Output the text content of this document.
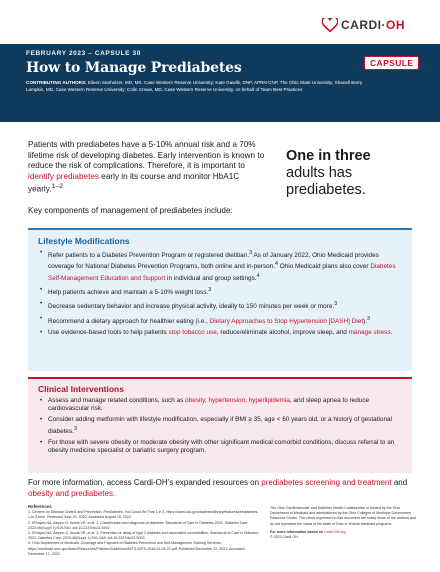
CARDI·OH
FEBRUARY 2023 – CAPSULE 30
How to Manage Prediabetes
CONTRIBUTING AUTHORS: Eileen Seeholzer, MD, MS, Case Western Reserve University; Kate Gawlik, DNP, APRN-CNP, The Ohio State University; Shanell Berry Lampkin, MD, Case Western Reserve University; Colin Crowe, MD, Case Western Reserve University, on behalf of Team Best Practices
CAPSULE

Patients with prediabetes have a 5-10% annual risk and a 70% lifetime risk of developing diabetes. Early intervention is known to reduce the risk of complications. Therefore, it is important to identify prediabetes early in its course and monitor HbA1C yearly.$^{1-2}$

One in three
adults has prediabetes.

Key components of management of prediabetes include:

Lifestyle Modifications
• Refer patients to a Diabetes Prevention Program or registered dietitian.$^3$ As of January 2022, Ohio Medicaid provides coverage for National Diabetes Prevention Programs, both online and in-person.$^4$ Ohio Medicaid plans also cover Diabetes Self-Management Education and Support in individual and group settings.$^4$
• Help patients achieve and maintain a 5-10% weight loss.$^3$
• Decrease sedentary behavior and increase physical activity, ideally to 150 minutes per week or more.$^3$
• Recommend a dietary approach for healthier eating (i.e., Dietary Approaches to Stop Hypertension [DASH] Diet).$^3$
• Use evidence-based tools to help patients stop tobacco use, reduce/eliminate alcohol, improve sleep, and manage stress.
Clinical Interventions
• Assess and manage related conditions, such as obesity, hypertension, hyperlipidemia, and sleep apnea to reduce cardiovascular risk.
• Consider adding metformin with lifestyle modification, especially if BMI ≥ 35, age < 60 years old, or a history of gestational diabetes.$^3$
• For those with severe obesity or moderate obesity with other significant medical comorbid conditions, discuss referral to an obesity medicine specialist or bariatric surgery program.

For more information, access Cardi-OH’s expanded resources on prediabetes screening and treatment and obesity and prediabetes.

References
1. Centers for Disease Control and Prevention. Prediabetes: You Could Be That 1 in 3. https://www.cdc.gov/diabetes/library/features/prediabetes-1-in-3.html. Reviewed June 29, 2022. Accessed August 16, 2022.
2. ElSayed NA, Aleppo G, Aroda VR, et al. 2. Classification and diagnosis of diabetes: Standards of Care in Diabetes-2023. Diabetes Care. 2023;46(Suppl 1):S19-S40. doi:10.2337/dc23-S002
3. ElSayed NA, Aleppo G, Aroda VR, et al. 3. Prevention or delay of type 2 diabetes and associated comorbidities: Standards of Care in Diabetes-2023. Diabetes Care. 2023;46(Suppl 1):S41-S48. doi:10.2337/dc23-S003
4. Ohio Department of Medicaid. Coverage and Payment of Diabetes Prevention and Self-Management Training Services. https://medicaid.ohio.gov/static/Resources/Policies/Guidelines/MITS-MITS-2036-01-01-22.pdf. Published December 22, 2021. Accessed December 12, 2022.
The Ohio Cardiovascular and Diabetes Health Collaborative is funded by the Ohio Department of Medicaid and administered by the Ohio Colleges of Medicine Government Resource Center. The views expressed in this document are solely those of the authors and do not represent the views of the state of Ohio or federal Medicaid programs.
For more information based on Cardi-OH.org
© 2023 Cardi-OH
